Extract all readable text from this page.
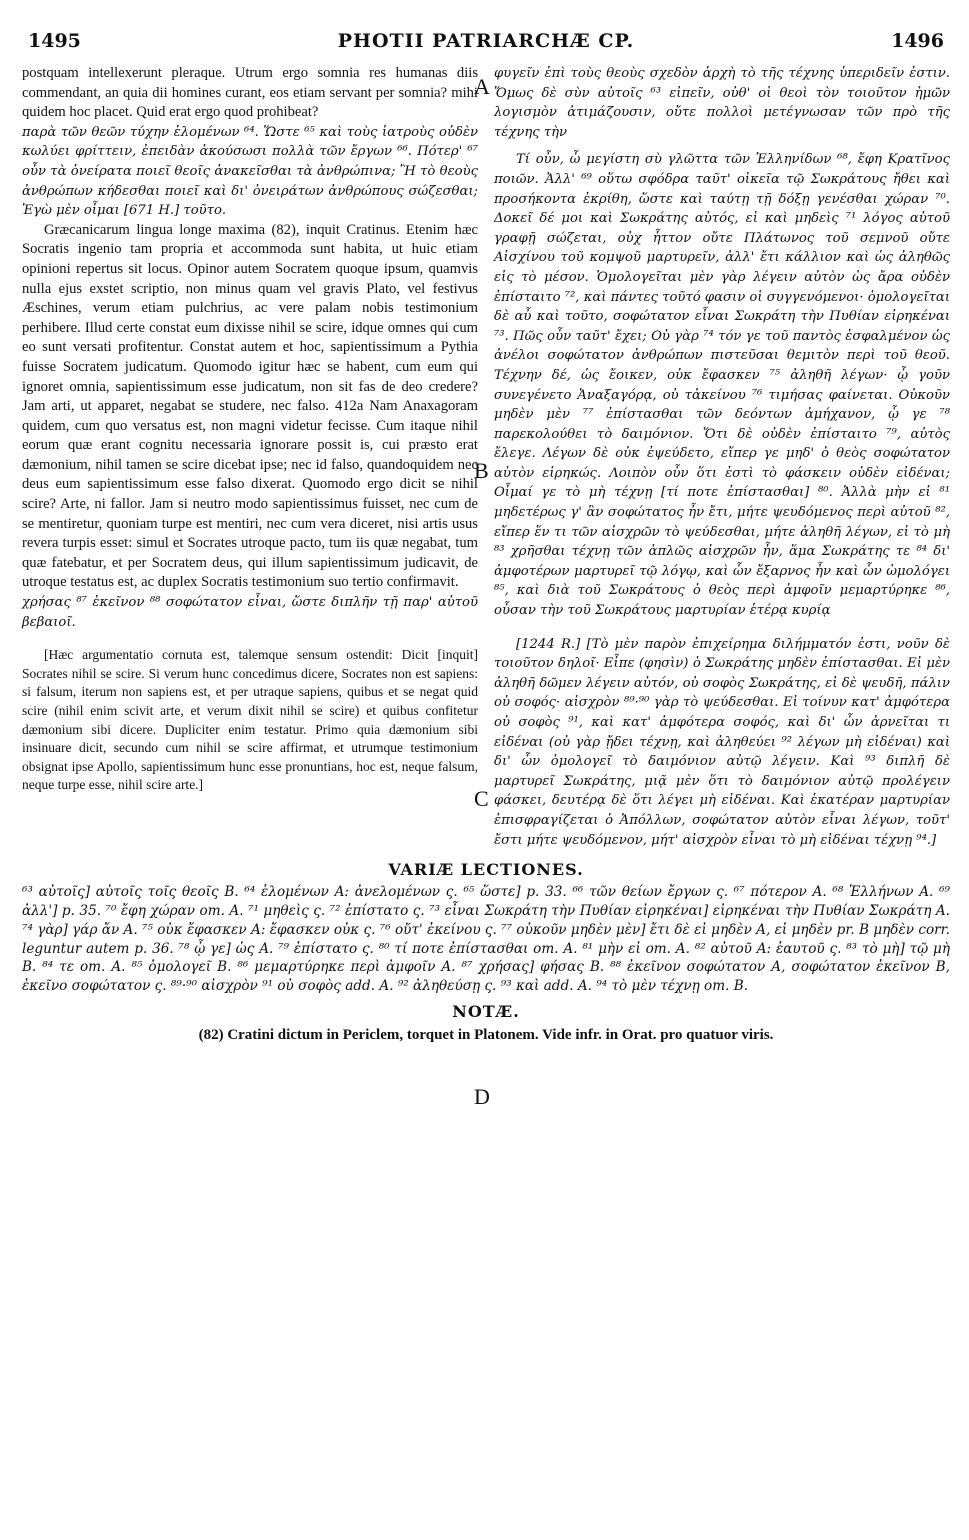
1495	PHOTII PATRIARCHÆ CP.	1496

postquam intellexerunt pleraque. Utrum ergo somnia res humanas diis commendant, an quia dii homines curant, eos etiam servant per somnia? mihi quidem hoc placet. Quid erat ergo quod prohibeat?

παρὰ τῶν θεῶν τύχην ἑλομένων ⁶⁴. Ὥστε ⁶⁵ καὶ τοὺς ἰατροὺς οὐδὲν κωλύει φρίττειν, ἐπειδὰν ἀκούσωσι πολλὰ τῶν ἔργων ⁶⁶. Πότερ' ⁶⁷ οὖν τὰ ὀνείρατα ποιεῖ θεοῖς ἀνακεῖσθαι τὰ ἀνθρώπινα; Ἢ τὸ θεοὺς ἀνθρώπων κήδεσθαι ποιεῖ καὶ δι' ὀνειράτων ἀνθρώπους σώζεσθαι; Ἐγὼ μὲν οἶμαι [671 H.] τοῦτο.

Græcanicarum lingua longe maxima (82), inquit Cratinus. Etenim hæc Socratis ingenio tam propria et accommoda sunt habita, ut huic etiam opinioni repertus sit locus. Opinor autem Socratem quoque ipsum, quamvis nulla ejus exstet scriptio, non minus quam vel gravis Plato, vel festivus Æschines, verum etiam pulchrius, ac vere palam nobis testimonium perhibere. Illud certe constat eum dixisse nihil se scire, idque omnes qui cum eo sunt versati profitentur. Constat autem et hoc, sapientissimum a Pythia fuisse Socratem judicatum. Quomodo igitur hæc se habent, cum eum qui ignoret omnia, sapientissimum esse judicatum, non sit fas de deo credere? Jam arti, ut apparet, negabat se studere, nec falso. 412a Nam Anaxagoram quidem, cum quo versatus est, non magni videtur fecisse. Cum itaque nihil eorum quæ erant cognitu necessaria ignorare possit is, cui præsto erat dæmonium, nihil tamen se scire dicebat ipse; nec id falso, quandoquidem nec deus eum sapientissimum esse falso dixerat. Quomodo ergo dicit se nihil scire? Arte, ni fallor. Jam si neutro modo sapientissimus fuisset, nec cum de se mentiretur, quoniam turpe est mentiri, nec cum vera diceret, nisi artis usus revera turpis esset: simul et Socrates utroque pacto, tum iis quæ negabat, tum quæ fatebatur, et per Socratem deus, qui illum sapientissimum judicavit, de utroque testatus est, ac duplex Socratis testimonium suo tertio confirmavit.

χρήσας ⁸⁷ ἐκεῖνον ⁸⁸ σοφώτατον εἶναι, ὥστε διπλῆν τῇ παρ' αὐτοῦ βεβαιοῖ.

[Hæc argumentatio cornuta est, talemque sensum ostendit: Dicit [inquit] Socrates nihil se scire. Si verum hunc concedimus dicere, Socrates non est sapiens: si falsum, iterum non sapiens est, et per utraque sapiens, quibus et se negat quid scire (nihil enim scivit arte, et verum dixit nihil se scire) et quibus confitetur dæmonium sibi dicere. Dupliciter enim testatur. Primo quia dæmonium sibi insinuare dicit, secundo cum nihil se scire affirmat, et utrumque testimonium obsignat ipse Apollo, sapientissimum hunc esse pronuntians, hoc est, neque falsum, neque turpe esse, nihil scire arte.]

φυγεῖν ἐπὶ τοὺς θεοὺς σχεδὸν ἀρχὴ τὸ τῆς τέχνης ὑπεριδεῖν ἐστιν. Ὅμως δὲ σὺν αὐτοῖς ⁶³ εἰπεῖν, οὐθ' οἱ θεοὶ τὸν τοιοῦτον ἡμῶν λογισμὸν ἀτιμάζουσιν, οὔτε πολλοὶ μετέγνωσαν τῶν πρὸ τῆς τέχνης τὴν

Τί οὖν, ὦ μεγίστη σὺ γλῶττα τῶν Ἑλληνίδων ⁶⁸, ἔφη Κρατῖνος ποιῶν. Ἀλλ' ⁶⁹ οὕτω σφόδρα ταῦτ' οἰκεῖα τῷ Σωκράτους ἤθει καὶ προσήκοντα ἐκρίθη, ὥστε καὶ ταύτῃ τῇ δόξῃ γενέσθαι χώραν ⁷⁰. Δοκεῖ δέ μοι καὶ Σωκράτης αὐτός, εἰ καὶ μηδεὶς ⁷¹ λόγος αὐτοῦ γραφῇ σώζεται, οὐχ ἧττον οὔτε Πλάτωνος τοῦ σεμνοῦ οὔτε Αἰσχίνου τοῦ κομψοῦ μαρτυρεῖν, ἀλλ' ἔτι κάλλιον καὶ ὡς ἀληθῶς εἰς τὸ μέσον. Ὁμολογεῖται μὲν γὰρ λέγειν αὐτὸν ὡς ἄρα οὐδὲν ἐπίσταιτο ⁷², καὶ πάντες τοῦτό φασιν οἱ συγγενόμενοι· ὁμολογεῖται δὲ αὖ καὶ τοῦτο, σοφώτατον εἶναι Σωκράτη τὴν Πυθίαν εἰρηκέναι ⁷³. Πῶς οὖν ταῦτ' ἔχει; Οὐ γὰρ ⁷⁴ τόν γε τοῦ παντὸς ἐσφαλμένον ὡς ἀνέλοι σοφώτατον ἀνθρώπων πιστεῦσαι θεμιτὸν περὶ τοῦ θεοῦ. Τέχνην δέ, ὡς ἔοικεν, οὐκ ἔφασκεν ⁷⁵ ἀληθῆ λέγων· ᾧ γοῦν συνεγένετο Ἀναξαγόρᾳ, οὐ τἀκείνου ⁷⁶ τιμήσας φαίνεται. Οὐκοῦν μηδὲν μὲν ⁷⁷ ἐπίστασθαι τῶν δεόντων ἀμήχανον, ᾧ γε ⁷⁸ παρεκολούθει τὸ δαιμόνιον. Ὅτι δὲ οὐδὲν ἐπίσταιτο ⁷⁹, αὐτὸς ἔλεγε. Λέγων δὲ οὐκ ἐψεύδετο, εἴπερ γε μηδ' ὁ θεὸς σοφώτατον αὐτὸν εἰρηκώς. Λοιπὸν οὖν ὅτι ἐστὶ τὸ φάσκειν οὐδὲν εἰδέναι; Οἶμαί γε τὸ μὴ τέχνῃ [τί ποτε ἐπίστασθαι] ⁸⁰. Ἀλλὰ μὴν εἰ ⁸¹ μηδετέρως γ' ἂν σοφώτατος ἦν ἔτι, μήτε ψευδόμενος περὶ αὐτοῦ ⁸², εἴπερ ἕν τι τῶν αἰσχρῶν τὸ ψεύδεσθαι, μήτε ἀληθῆ λέγων, εἰ τὸ μὴ ⁸³ χρῆσθαι τέχνῃ τῶν ἁπλῶς αἰσχρῶν ἦν, ἅμα Σωκράτης τε ⁸⁴ δι' ἀμφοτέρων μαρτυρεῖ τῷ λόγῳ, καὶ ὧν ἔξαρνος ἦν καὶ ὧν ὡμολόγει ⁸⁵, καὶ διὰ τοῦ Σωκράτους ὁ θεὸς περὶ ἀμφοῖν μεμαρτύρηκε ⁸⁶, οὖσαν τὴν τοῦ Σωκράτους μαρτυρίαν ἑτέρᾳ κυρίᾳ

[1244 R.] [Τὸ μὲν παρὸν ἐπιχείρημα διλήμματόν ἐστι, νοῦν δὲ τοιοῦτον δηλοῖ· Εἶπε (φησὶν) ὁ Σωκράτης μηδὲν ἐπίστασθαι. Εἰ μὲν ἀληθῆ δῶμεν λέγειν αὐτόν, οὐ σοφὸς Σωκράτης, εἰ δὲ ψευδῆ, πάλιν οὐ σοφός· αἰσχρὸν ⁸⁹·⁹⁰ γὰρ τὸ ψεύδεσθαι. Εἰ τοίνυν κατ' ἀμφότερα οὐ σοφὸς ⁹¹, καὶ κατ' ἀμφότερα σοφός, καὶ δι' ὧν ἀρνεῖται τι εἰδέναι (οὐ γὰρ ᾔδει τέχνῃ, καὶ ἀληθεύει ⁹² λέγων μὴ εἰδέναι) καὶ δι' ὧν ὁμολογεῖ τὸ δαιμόνιον αὐτῷ λέγειν. Καὶ ⁹³ διπλῆ δὲ μαρτυρεῖ Σωκράτης, μιᾷ μὲν ὅτι τὸ δαιμόνιον αὐτῷ προλέγειν φάσκει, δευτέρᾳ δὲ ὅτι λέγει μὴ εἰδέναι. Καὶ ἑκατέραν μαρτυρίαν ἐπισφραγίζεται ὁ Ἀπόλλων, σοφώτατον αὐτὸν εἶναι λέγων, τοῦτ' ἔστι μήτε ψευδόμενον, μήτ' αἰσχρὸν εἶναι τὸ μὴ εἰδέναι τέχνῃ ⁹⁴.]

A
B
C
D
VARIÆ LECTIONES.
⁶³ αὐτοῖς] αὐτοῖς τοῖς θεοῖς B. ⁶⁴ ἑλομένων A: ἀνελομένων ς. ⁶⁵ ὥστε] p. 33. ⁶⁶ τῶν θείων ἔργων ς. ⁶⁷ πότερον A. ⁶⁸ Ἑλλήνων A. ⁶⁹ ἀλλ'] p. 35. ⁷⁰ ἔφη χώραν om. A. ⁷¹ μηθεὶς ς. ⁷² ἐπίστατο ς. ⁷³ εἶναι Σωκράτη τὴν Πυθίαν εἰρηκέναι] εἰρηκέναι τὴν Πυθίαν Σωκράτη A. ⁷⁴ γὰρ] γάρ ἄν A. ⁷⁵ οὐκ ἔφασκεν A: ἔφασκεν οὐκ ς. ⁷⁶ οὔτ' ἐκείνου ς. ⁷⁷ οὐκοῦν μηδὲν μὲν] ἔτι δὲ εἰ μηδὲν A, εἰ μηδὲν pr. B μηδὲν corr. leguntur autem p. 36. ⁷⁸ ᾧ γε] ὡς A. ⁷⁹ ἐπίστατο ς. ⁸⁰ τί ποτε ἐπίστασθαι om. A. ⁸¹ μὴν εἰ om. A. ⁸² αὐτοῦ A: ἑαυτοῦ ς. ⁸³ τὸ μὴ] τῷ μὴ B. ⁸⁴ τε om. A. ⁸⁵ ὁμολογεῖ B. ⁸⁶ μεμαρτύρηκε περὶ ἀμφοῖν A. ⁸⁷ χρήσας] φήσας B. ⁸⁸ ἐκεῖνον σοφώτατον A, σοφώτατον ἐκεῖνον B, ἐκεῖνο σοφώτατον ς. ⁸⁹·⁹⁰ αἰσχρὸν ⁹¹ οὐ σοφὸς add. A. ⁹² ἀληθεύσῃ ς. ⁹³ καὶ add. A. ⁹⁴ τὸ μὲν τέχνῃ om. B.
NOTÆ.
(82) Cratini dictum in Periclem, torquet in Platonem. Vide infr. in Orat. pro quatuor viris.
